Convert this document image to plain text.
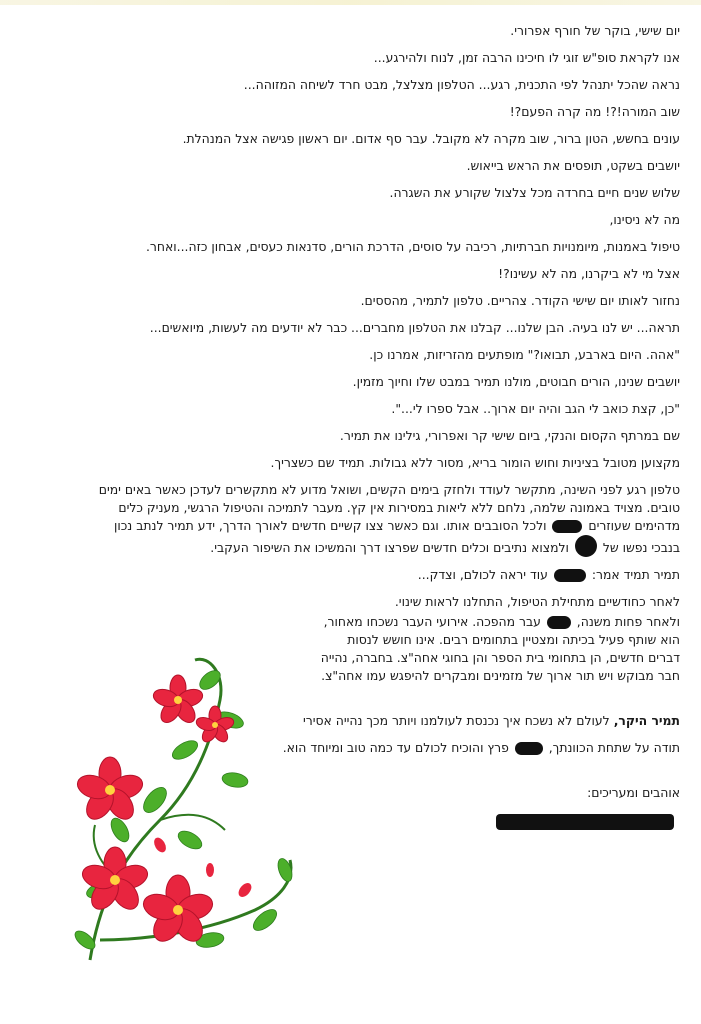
יום שישי, בוקר של חורף אפרורי.

אנו לקראת סופ"ש זוגי לו חיכינו הרבה זמן, לנוח ולהירגע...

נראה שהכל יתנהל לפי התכנית, רגע... הטלפון מצלצל, מבט חרד לשיחה המזוהה...

שוב המורה!?! מה קרה הפעם?!

עונים בחשש, הטון ברור, שוב מקרה לא מקובל. עבר סף אדום. יום ראשון פגישה אצל המנהלת.

יושבים בשקט, תופסים את הראש בייאוש.

שלוש שנים חיים בחרדה מכל צלצול שקורע את השגרה.

מה לא ניסינו,

טיפול באמנות, מיומנויות חברתיות, רכיבה על סוסים, הדרכת הורים, סדנאות כעסים, אבחון כזה...ואחר.

אצל מי לא ביקרנו, מה לא עשינו?!

נחזור לאותו יום שישי הקודר. צהריים. טלפון לתמיר, מהססים.

תראה... יש לנו בעיה. הבן שלנו... קבלנו את הטלפון מחברים... כבר לא יודעים מה לעשות, מיואשים...

"אהה. היום בארבע, תבואו?" מופתעים מהזריזות, אמרנו כן.

יושבים שנינו, הורים חבוטים, מולנו תמיר במבט שלו וחיוך מזמין.

"כן, קצת כואב לי הגב והיה יום ארוך.. אבל ספרו לי...".

שם במרתף הקסום והנקי, ביום שישי קר ואפרורי, גילינו את תמיר.

מקצוען מטובל בציניות וחוש הומור בריא, מסור ללא גבולות. תמיד שם כשצריך.

טלפון רגע לפני השינה, מתקשר לעודד ולחזק בימים הקשים, ושואל מדוע לא מתקשרים לעדכן כאשר באים ימים טובים. מצויד באמונה שלמה, נלחם ללא ליאות במסירות אין קץ. מעבר לתמיכה והטיפול הרגשי, מעניק כלים מדהימים שעוזרים  ולכל הסובבים אותו. וגם כאשר צצו קשיים חדשים לאורך הדרך, ידע תמיר לנתב נכון בנבכי נפשו של  ולמצוא נתיבים וכלים חדשים שפרצו דרך והמשיכו את השיפור העקבי.

תמיר תמיד אמר:  עוד יראה לכולם, וצדק...

לאחר כחודשיים מתחילת הטיפול, התחלנו לראות שינוי.

ולאחר פחות משנה,  עבר מהפכה. אירועי העבר נשכחו מאחור,

הוא שותף פעיל בכיתה ומצטיין בתחומים רבים. אינו חושש לנסות

דברים חדשים, הן בתחומי בית הספר והן בחוגי אחה"צ. בחברה, נהייה

חבר מבוקש ויש תור ארוך של מזמינים ומבקרים להיפגש עמו אחה"צ.

תמיר היקר, לעולם לא נשכח איך נכנסת לעולמנו ויותר מכך נהייה אסירי

תודה על שתחת הכוונתך,  פרץ והוכיח לכולם עד כמה טוב ומיוחד הוא.

אוהבים ומעריכים:
